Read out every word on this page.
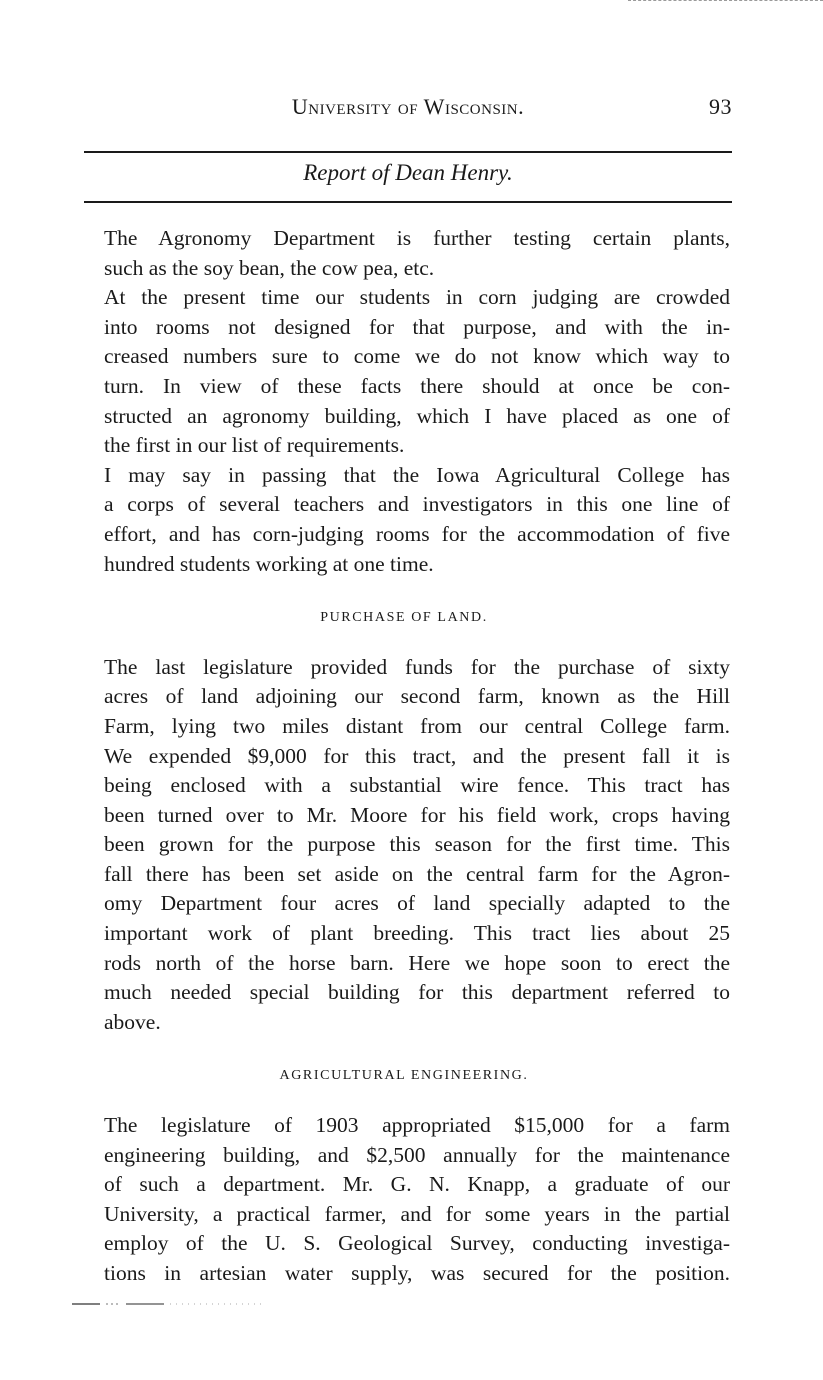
University of Wisconsin.	93
Report of Dean Henry.

The Agronomy Department is further testing certain plants,
such as the soy bean, the cow pea, etc.

At the present time our students in corn judging are crowded
into rooms not designed for that purpose, and with the in-
creased numbers sure to come we do not know which way to
turn. In view of these facts there should at once be con-
structed an agronomy building, which I have placed as one of
the first in our list of requirements.

I may say in passing that the Iowa Agricultural College has
a corps of several teachers and investigators in this one line of
effort, and has corn-judging rooms for the accommodation of five
hundred students working at one time.

PURCHASE OF LAND.

The last legislature provided funds for the purchase of sixty
acres of land adjoining our second farm, known as the Hill
Farm, lying two miles distant from our central College farm.
We expended $9,000 for this tract, and the present fall it is
being enclosed with a substantial wire fence. This tract has
been turned over to Mr. Moore for his field work, crops having
been grown for the purpose this season for the first time. This
fall there has been set aside on the central farm for the Agron-
omy Department four acres of land specially adapted to the
important work of plant breeding. This tract lies about 25
rods north of the horse barn. Here we hope soon to erect the
much needed special building for this department referred to
above.

AGRICULTURAL ENGINEERING.

The legislature of 1903 appropriated $15,000 for a farm
engineering building, and $2,500 annually for the maintenance
of such a department. Mr. G. N. Knapp, a graduate of our
University, a practical farmer, and for some years in the partial
employ of the U. S. Geological Survey, conducting investiga-
tions in artesian water supply, was secured for the position.
